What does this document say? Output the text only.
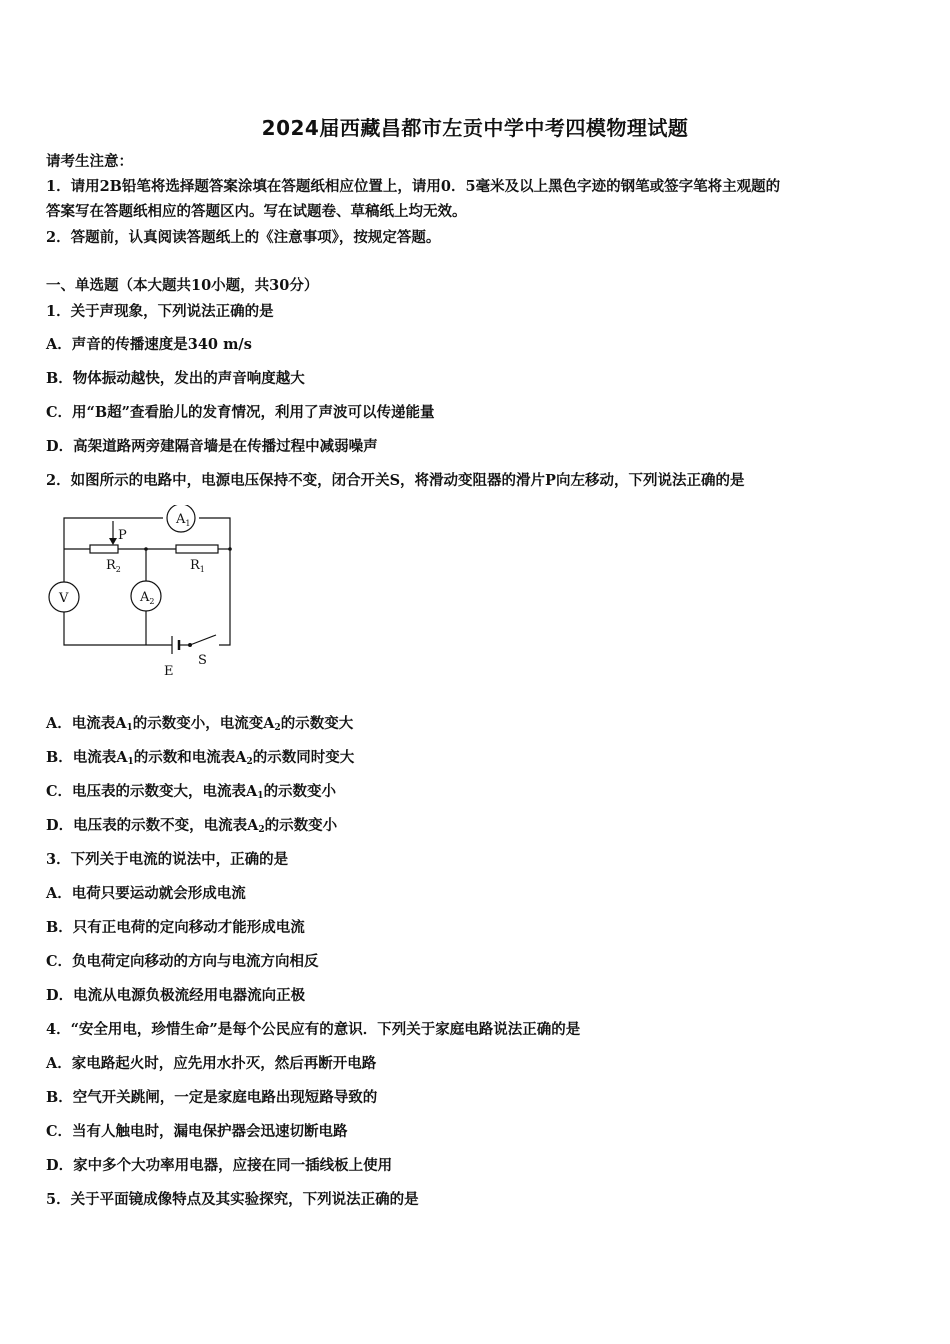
2024届西藏昌都市左贡中学中考四模物理试题
请考生注意：
1．请用2B铅笔将选择题答案涂填在答题纸相应位置上，请用0．5毫米及以上黑色字迹的钢笔或签字笔将主观题的
答案写在答题纸相应的答题区内。写在试题卷、草稿纸上均无效。
2．答题前，认真阅读答题纸上的《注意事项》，按规定答题。
一、单选题（本大题共10小题，共30分）
1．关于声现象，下列说法正确的是
A．声音的传播速度是340 m/s
B．物体振动越快，发出的声音响度越大
C．用“B超”查看胎儿的发育情况，利用了声波可以传递能量
D．高架道路两旁建隔音墙是在传播过程中减弱噪声
2．如图所示的电路中，电源电压保持不变，闭合开关S，将滑动变阻器的滑片P向左移动，下列说法正确的是
$A_1$
V	$A_2$
P
$R_2$	$R_1$
E
S
A．电流表$A_1$的示数变小，电流变$A_2$的示数变大
B．电流表$A_1$的示数和电流表$A_2$的示数同时变大
C．电压表的示数变大，电流表$A_1$的示数变小
D．电压表的示数不变，电流表$A_2$的示数变小
3．下列关于电流的说法中，正确的是
A．电荷只要运动就会形成电流
B．只有正电荷的定向移动才能形成电流
C．负电荷定向移动的方向与电流方向相反
D．电流从电源负极流经用电器流向正极
4．“安全用电，珍惜生命”是每个公民应有的意识．下列关于家庭电路说法正确的是
A．家电路起火时，应先用水扑灭，然后再断开电路
B．空气开关跳闸，一定是家庭电路出现短路导致的
C．当有人触电时，漏电保护器会迅速切断电路
D．家中多个大功率用电器，应接在同一插线板上使用
5．关于平面镜成像特点及其实验探究，下列说法正确的是
